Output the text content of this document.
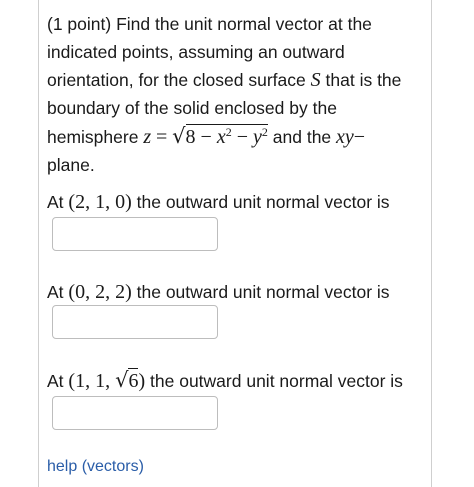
(1 point) Find the unit normal vector at the

indicated points, assuming an outward

orientation, for the closed surface S that is the

boundary of the solid enclosed by the

hemisphere $z = √8 - x^2 - y^2$ and the xy−

plane.

At (2, 1, 0) the outward unit normal vector is
At (0, 2, 2) the outward unit normal vector is
At (1, 1, √6) the outward unit normal vector is
help (vectors)
